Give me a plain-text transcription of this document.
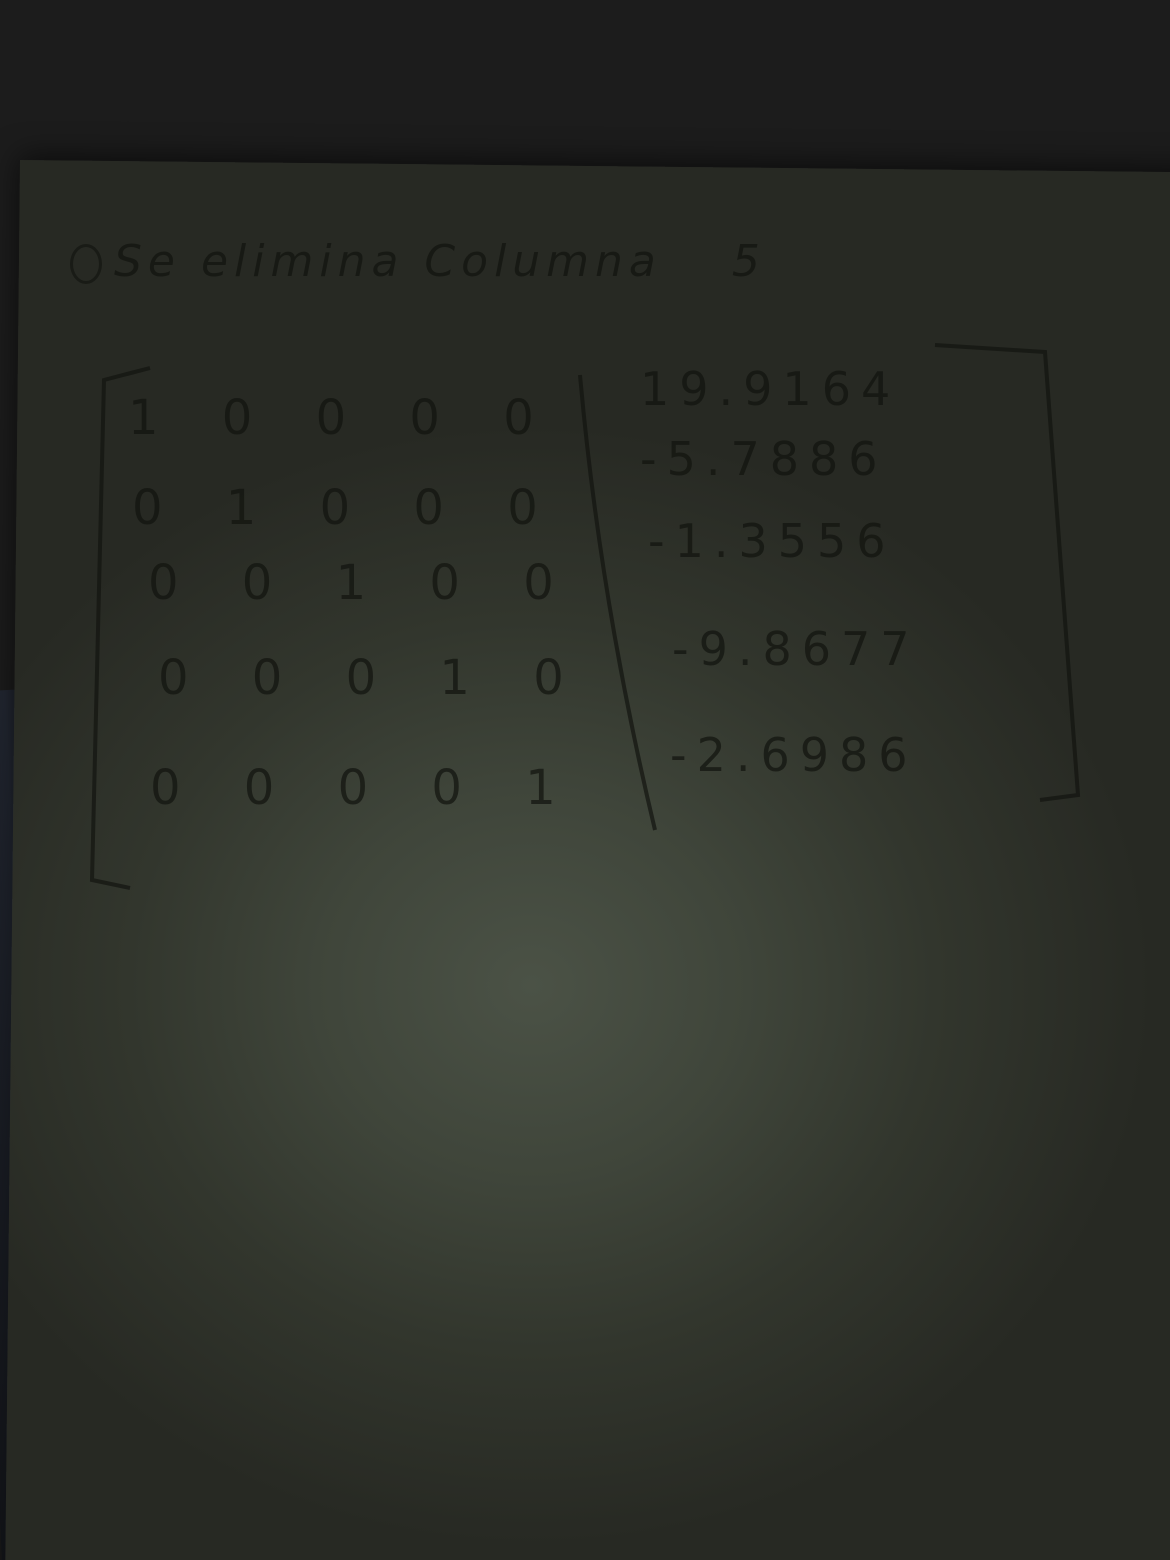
Se elimina Columna 5
1 0 0 0 0
0 1 0 0 0
0 0 1 0 0
0 0 0 1 0
0 0 0 0 1
19.9164
-5.7886
-1.3556
-9.8677
-2.6986
